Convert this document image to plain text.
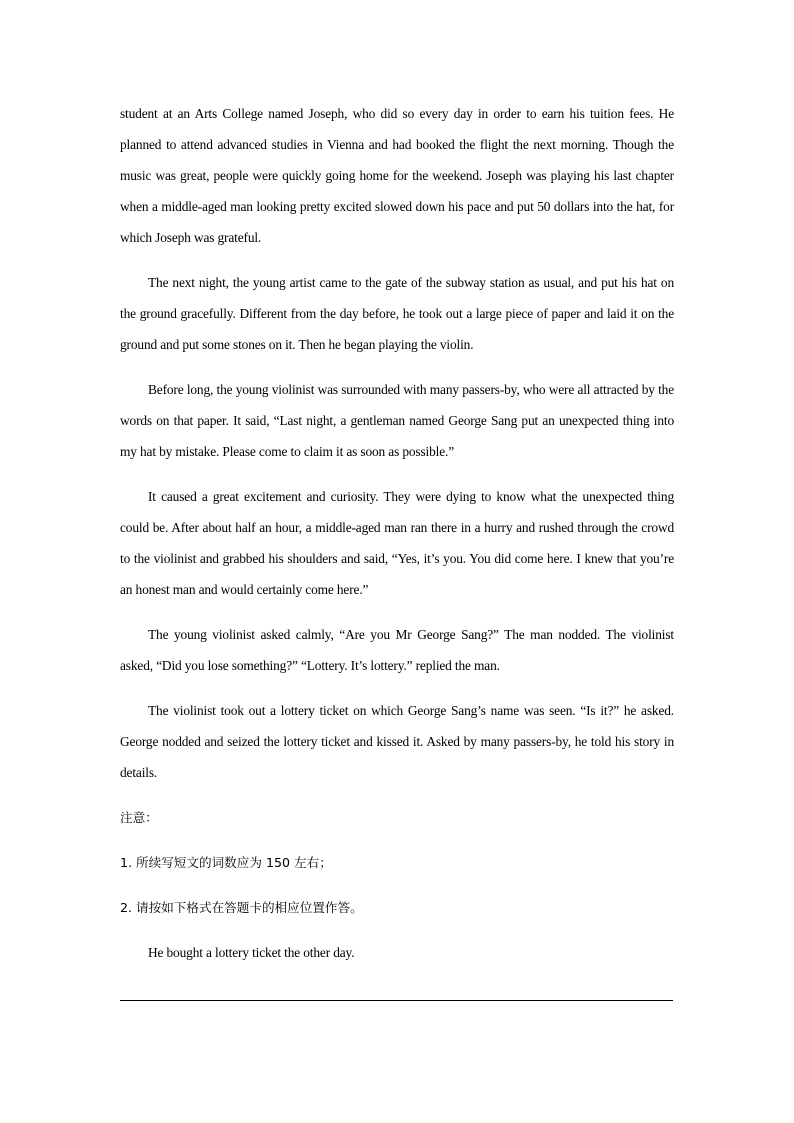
student at an Arts College named Joseph, who did so every day in order to earn his tuition fees. He planned to attend advanced studies in Vienna and had booked the flight the next morning. Though the music was great, people were quickly going home for the weekend. Joseph was playing his last chapter when a middle-aged man looking pretty excited slowed down his pace and put 50 dollars into the hat, for which Joseph was grateful.

The next night, the young artist came to the gate of the subway station as usual, and put his hat on the ground gracefully. Different from the day before, he took out a large piece of paper and laid it on the ground and put some stones on it. Then he began playing the violin.

Before long, the young violinist was surrounded with many passers-by, who were all attracted by the words on that paper. It said, “Last night, a gentleman named George Sang put an unexpected thing into my hat by mistake. Please come to claim it as soon as possible.”

It caused a great excitement and curiosity. They were dying to know what the unexpected thing could be. After about half an hour, a middle-aged man ran there in a hurry and rushed through the crowd to the violinist and grabbed his shoulders and said, “Yes, it’s you. You did come here. I knew that you’re an honest man and would certainly come here.”

The young violinist asked calmly, “Are you Mr George Sang?” The man nodded. The violinist asked, “Did you lose something?” “Lottery. It’s lottery.” replied the man.

The violinist took out a lottery ticket on which George Sang’s name was seen. “Is it?” he asked. George nodded and seized the lottery ticket and kissed it. Asked by many passers-by, he told his story in details.

注意：

1. 所续写短文的词数应为 150 左右；

2. 请按如下格式在答题卡的相应位置作答。

He bought a lottery ticket the other day.
